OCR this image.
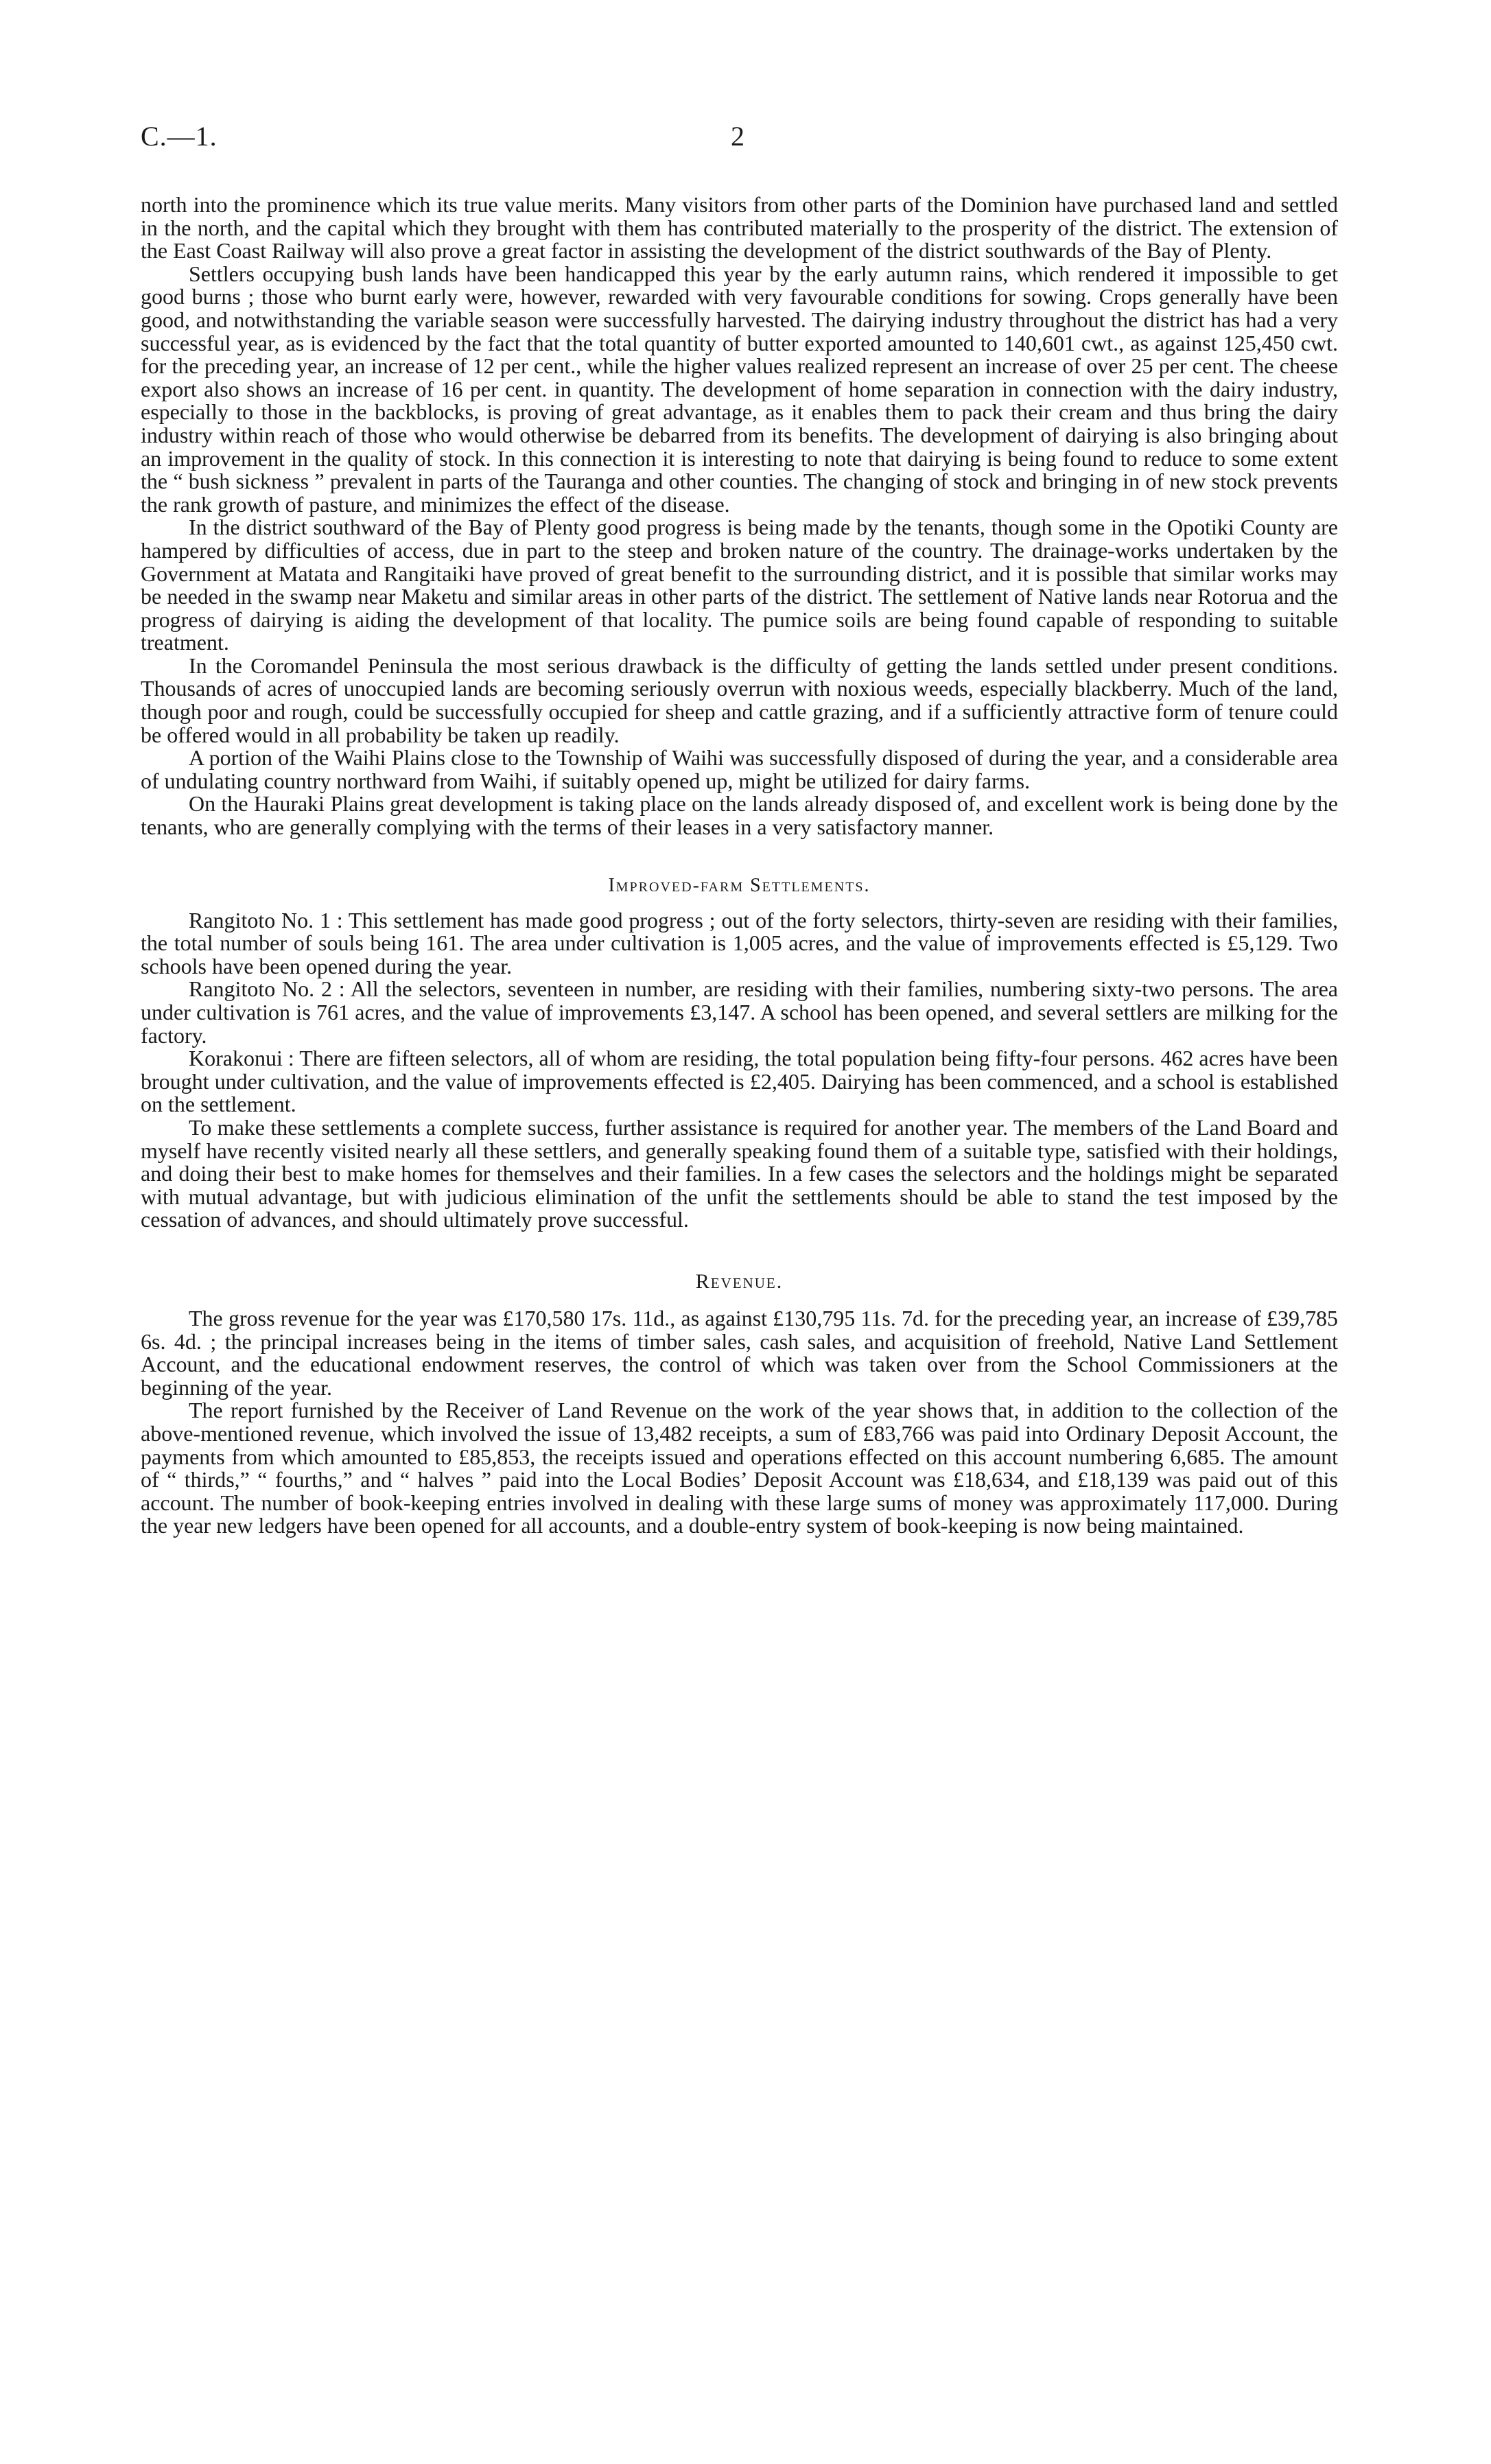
C.—1.	2

north into the prominence which its true value merits. Many visitors from other parts of the Dominion have purchased land and settled in the north, and the capital which they brought with them has contributed materially to the prosperity of the district. The extension of the East Coast Railway will also prove a great factor in assisting the development of the district southwards of the Bay of Plenty.

Settlers occupying bush lands have been handicapped this year by the early autumn rains, which rendered it impossible to get good burns ; those who burnt early were, however, rewarded with very favourable conditions for sowing. Crops generally have been good, and notwithstanding the variable season were successfully harvested. The dairying industry throughout the district has had a very successful year, as is evidenced by the fact that the total quantity of butter exported amounted to 140,601 cwt., as against 125,450 cwt. for the preceding year, an increase of 12 per cent., while the higher values realized represent an increase of over 25 per cent. The cheese export also shows an increase of 16 per cent. in quantity. The development of home separation in connection with the dairy industry, especially to those in the backblocks, is proving of great advantage, as it enables them to pack their cream and thus bring the dairy industry within reach of those who would otherwise be debarred from its benefits. The development of dairying is also bringing about an improvement in the quality of stock. In this connection it is interesting to note that dairying is being found to reduce to some extent the “ bush sickness ” prevalent in parts of the Tauranga and other counties. The changing of stock and bringing in of new stock prevents the rank growth of pasture, and minimizes the effect of the disease.

In the district southward of the Bay of Plenty good progress is being made by the tenants, though some in the Opotiki County are hampered by difficulties of access, due in part to the steep and broken nature of the country. The drainage-works undertaken by the Government at Matata and Rangitaiki have proved of great benefit to the surrounding district, and it is possible that similar works may be needed in the swamp near Maketu and similar areas in other parts of the district. The settlement of Native lands near Rotorua and the progress of dairying is aiding the development of that locality. The pumice soils are being found capable of responding to suitable treatment.

In the Coromandel Peninsula the most serious drawback is the difficulty of getting the lands settled under present conditions. Thousands of acres of unoccupied lands are becoming seriously overrun with noxious weeds, especially blackberry. Much of the land, though poor and rough, could be successfully occupied for sheep and cattle grazing, and if a sufficiently attractive form of tenure could be offered would in all probability be taken up readily.

A portion of the Waihi Plains close to the Township of Waihi was successfully disposed of during the year, and a considerable area of undulating country northward from Waihi, if suitably opened up, might be utilized for dairy farms.

On the Hauraki Plains great development is taking place on the lands already disposed of, and excellent work is being done by the tenants, who are generally complying with the terms of their leases in a very satisfactory manner.

Improved-farm Settlements.

Rangitoto No. 1 : This settlement has made good progress ; out of the forty selectors, thirty-seven are residing with their families, the total number of souls being 161. The area under cultivation is 1,005 acres, and the value of improvements effected is £5,129. Two schools have been opened during the year.

Rangitoto No. 2 : All the selectors, seventeen in number, are residing with their families, numbering sixty-two persons. The area under cultivation is 761 acres, and the value of improvements £3,147. A school has been opened, and several settlers are milking for the factory.

Korakonui : There are fifteen selectors, all of whom are residing, the total population being fifty-four persons. 462 acres have been brought under cultivation, and the value of improvements effected is £2,405. Dairying has been commenced, and a school is established on the settlement.

To make these settlements a complete success, further assistance is required for another year. The members of the Land Board and myself have recently visited nearly all these settlers, and generally speaking found them of a suitable type, satisfied with their holdings, and doing their best to make homes for themselves and their families. In a few cases the selectors and the holdings might be separated with mutual advantage, but with judicious elimination of the unfit the settlements should be able to stand the test imposed by the cessation of advances, and should ultimately prove successful.

Revenue.

The gross revenue for the year was £170,580 17s. 11d., as against £130,795 11s. 7d. for the preceding year, an increase of £39,785 6s. 4d. ; the principal increases being in the items of timber sales, cash sales, and acquisition of freehold, Native Land Settlement Account, and the educational endowment reserves, the control of which was taken over from the School Commissioners at the beginning of the year.

The report furnished by the Receiver of Land Revenue on the work of the year shows that, in addition to the collection of the above-mentioned revenue, which involved the issue of 13,482 receipts, a sum of £83,766 was paid into Ordinary Deposit Account, the payments from which amounted to £85,853, the receipts issued and operations effected on this account numbering 6,685. The amount of “ thirds,” “ fourths,” and “ halves ” paid into the Local Bodies’ Deposit Account was £18,634, and £18,139 was paid out of this account. The number of book-keeping entries involved in dealing with these large sums of money was approximately 117,000. During the year new ledgers have been opened for all accounts, and a double-entry system of book-keeping is now being maintained.
